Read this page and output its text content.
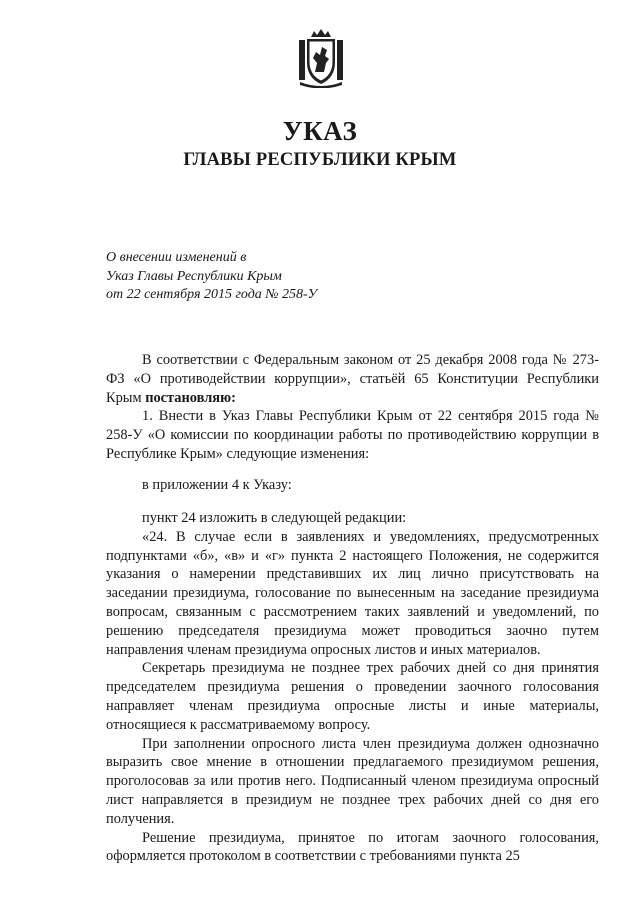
УКАЗ
ГЛАВЫ РЕСПУБЛИКИ КРЫМ
О внесении изменений в
Указ Главы Республики Крым
от 22 сентября 2015 года № 258-У

В соответствии с Федеральным законом от 25 декабря 2008 года № 273-ФЗ «О противодействии коррупции», статьёй 65 Конституции Республики Крым постановляю:

1. Внести в Указ Главы Республики Крым от 22 сентября 2015 года № 258-У «О комиссии по координации работы по противодействию коррупции в Республике Крым» следующие изменения:

в приложении 4 к Указу:

пункт 24 изложить в следующей редакции:

«24. В случае если в заявлениях и уведомлениях, предусмотренных подпунктами «б», «в» и «г» пункта 2 настоящего Положения, не содержится указания о намерении представивших их лиц лично присутствовать на заседании президиума, голосование по вынесенным на заседание президиума вопросам, связанным с рассмотрением таких заявлений и уведомлений, по решению председателя президиума может проводиться заочно путем направления членам президиума опросных листов и иных материалов.

Секретарь президиума не позднее трех рабочих дней со дня принятия председателем президиума решения о проведении заочного голосования направляет членам президиума опросные листы и иные материалы, относящиеся к рассматриваемому вопросу.

При заполнении опросного листа член президиума должен однозначно выразить свое мнение в отношении предлагаемого президиумом решения, проголосовав за или против него. Подписанный членом президиума опросный лист направляется в президиум не позднее трех рабочих дней со дня его получения.

Решение президиума, принятое по итогам заочного голосования, оформляется протоколом в соответствии с требованиями пункта 25
